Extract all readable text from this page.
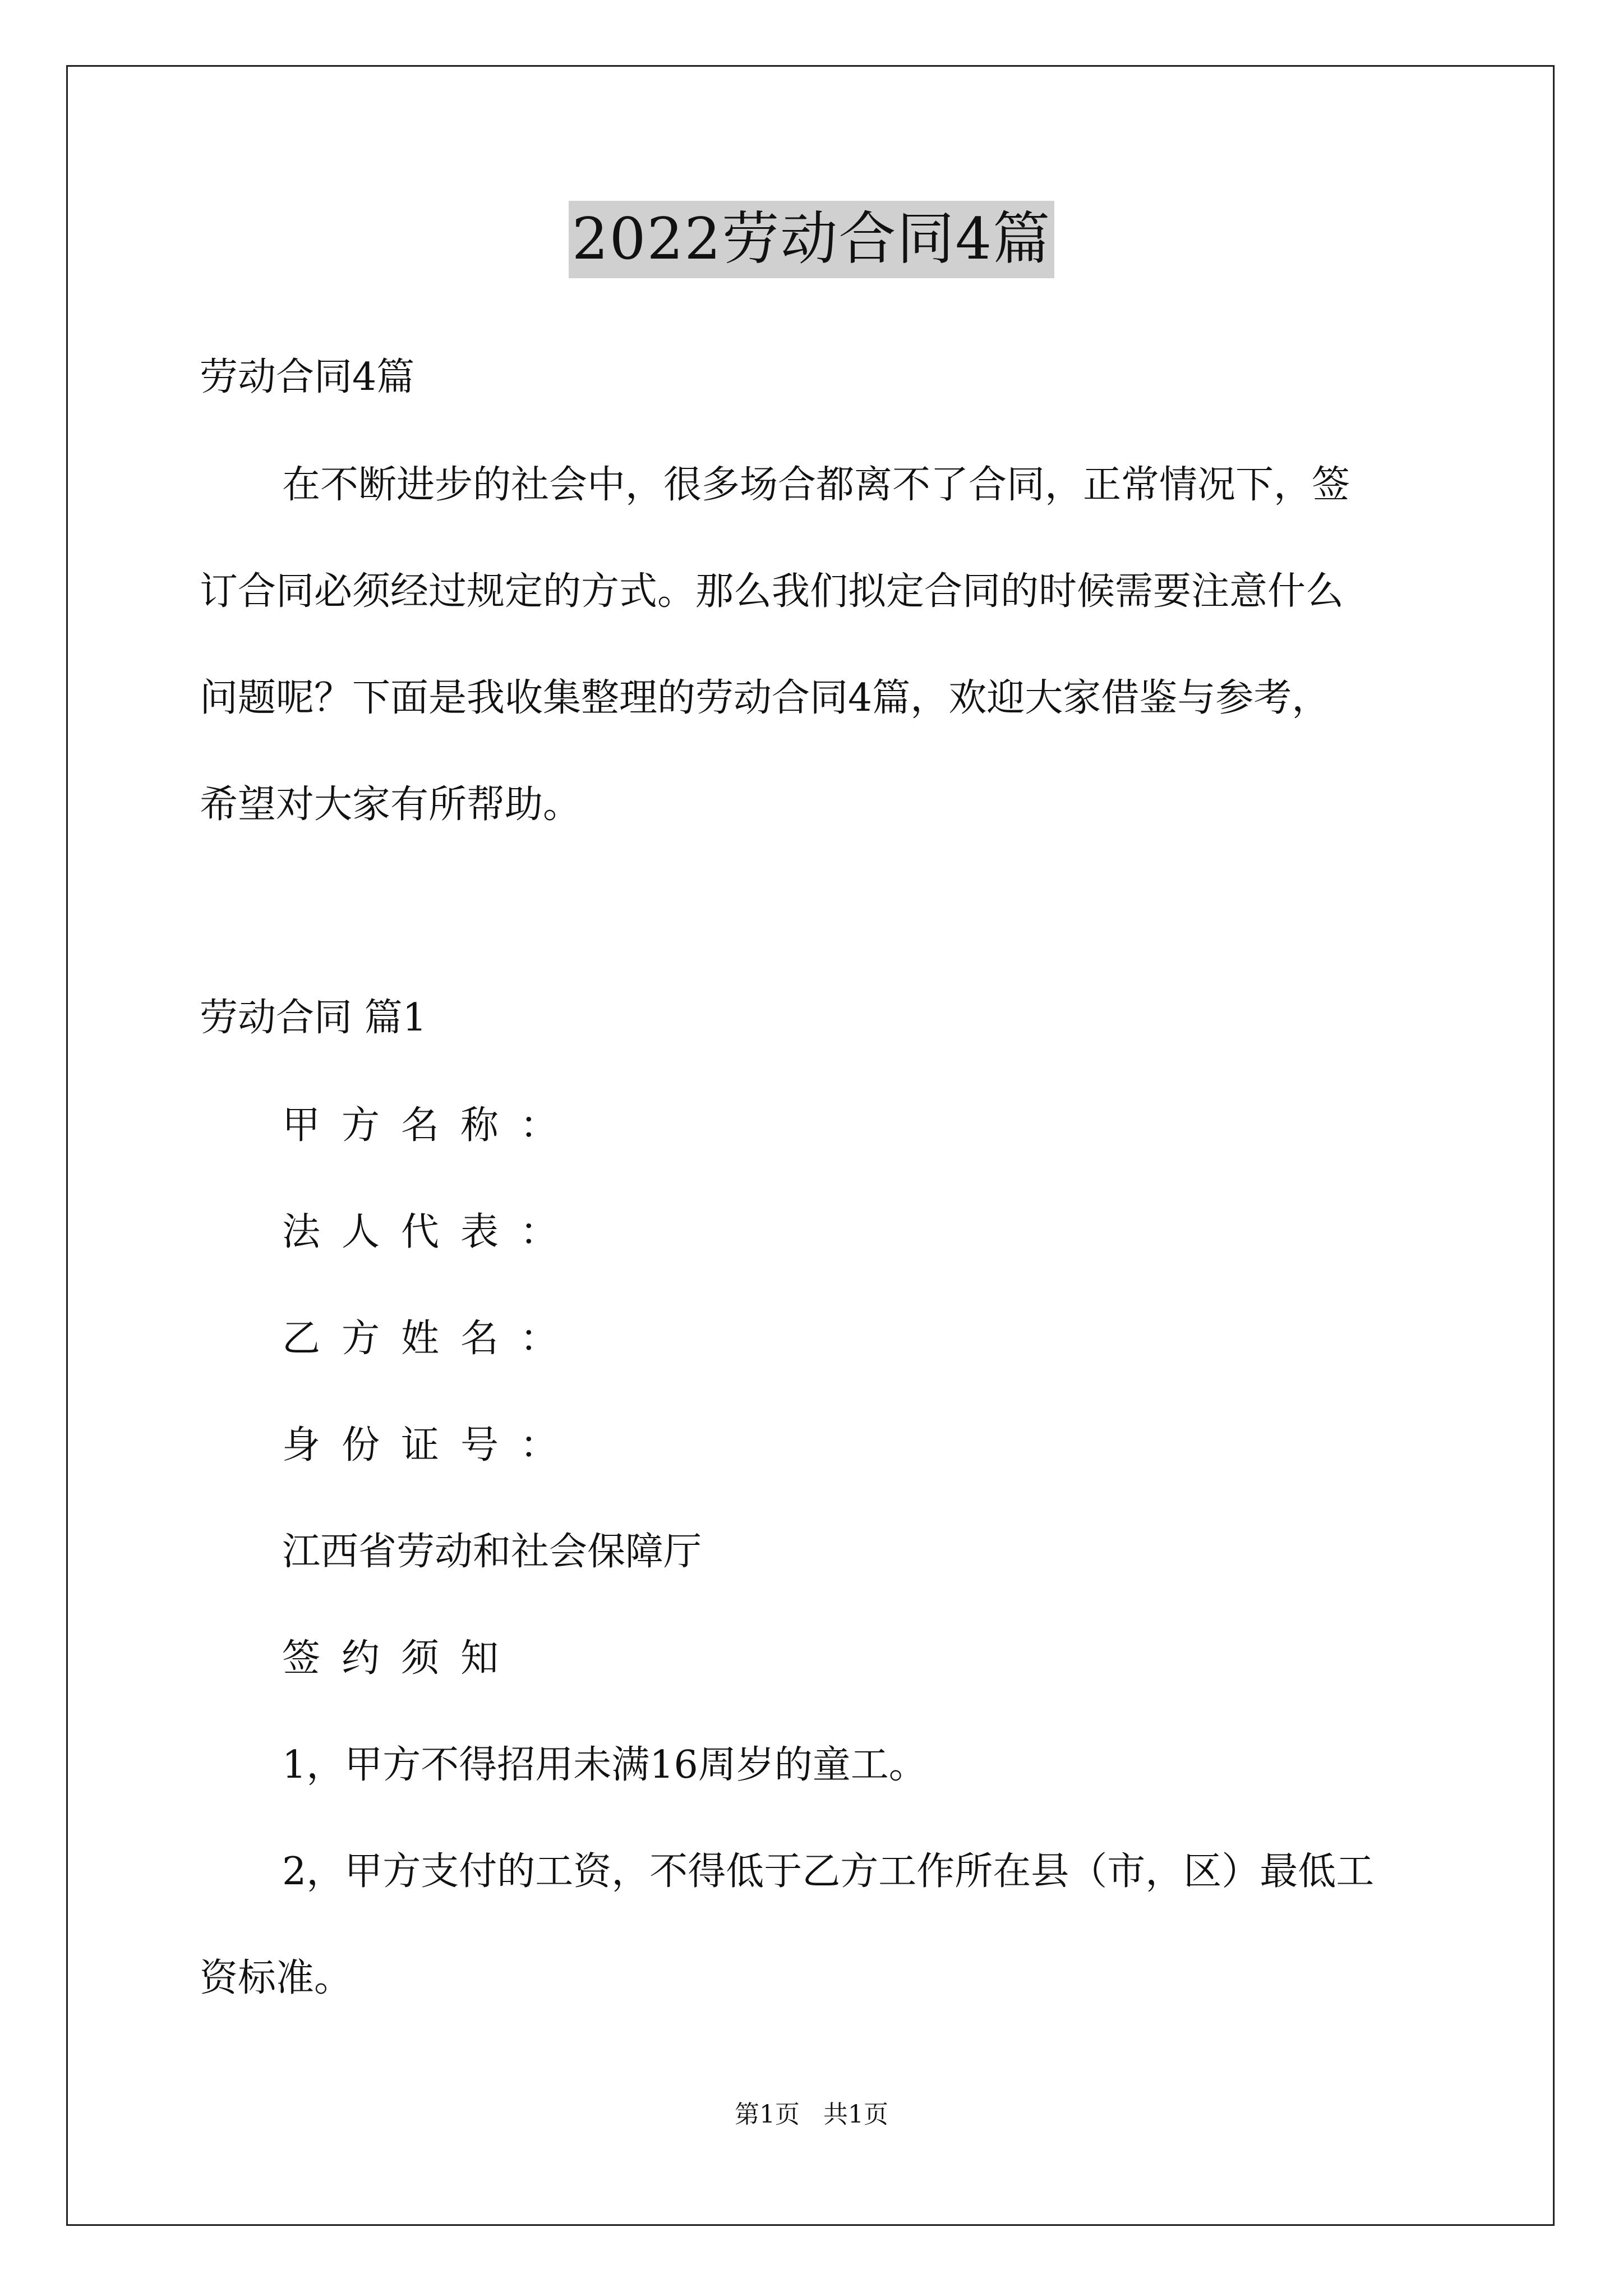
2022劳动合同4篇

劳动合同4篇

在不断进步的社会中，很多场合都离不了合同，正常情况下，签

订合同必须经过规定的方式。那么我们拟定合同的时候需要注意什么

问题呢？下面是我收集整理的劳动合同4篇，欢迎大家借鉴与参考，

希望对大家有所帮助。

劳动合同 篇1

甲方名称：

法人代表：

乙方姓名：

身份证号：

江西省劳动和社会保障厅

签约须知

1，甲方不得招用未满16周岁的童工。

2，甲方支付的工资，不得低于乙方工作所在县（市，区）最低工

资标准。

第1页   共1页
